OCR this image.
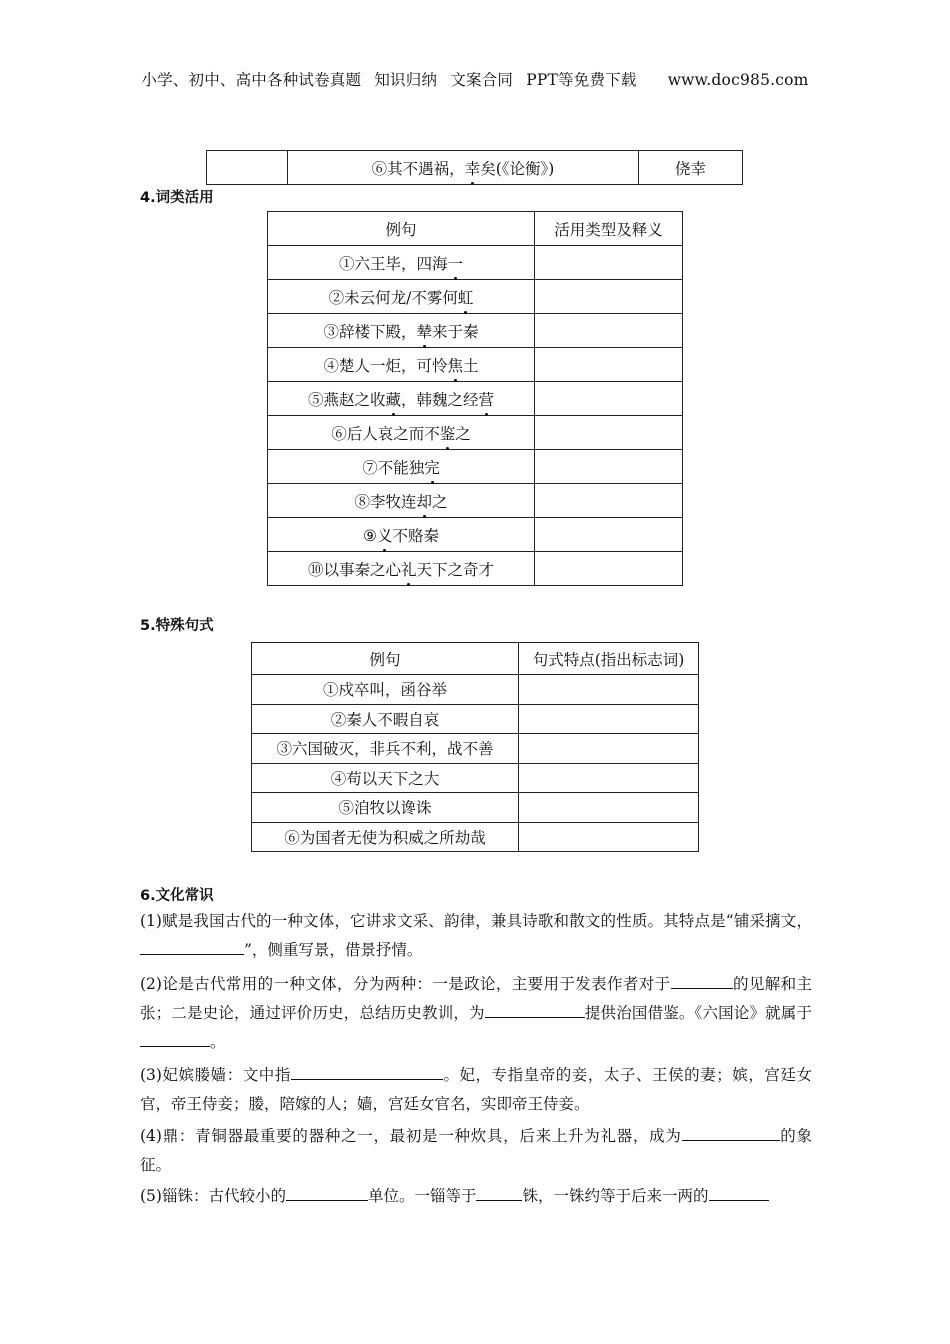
小学、初中、高中各种试卷真题 知识归纳 文案合同 PPT等免费下载 www.doc985.com
	⑥其不遇祸，幸矣(《论衡》)	侥幸
4.词类活用
例句	活用类型及释义
①六王毕，四海一	
②未云何龙/不雾何虹	
③辞楼下殿，辇来于秦	
④楚人一炬，可怜焦土	
⑤燕赵之收藏，韩魏之经营	
⑥后人哀之而不鉴之	
⑦不能独完	
⑧李牧连却之	
⑨义不赂秦	
⑩以事秦之心礼天下之奇才	
5.特殊句式
例句	句式特点(指出标志词)
①戍卒叫，函谷举	
②秦人不暇自哀	
③六国破灭，非兵不利，战不善	
④苟以天下之大	
⑤洎牧以谗诛	
⑥为国者无使为积威之所劫哉	
6.文化常识
(1)赋是我国古代的一种文体，它讲求文采、韵律，兼具诗歌和散文的性质。其特点是“铺采摛文，”，侧重写景，借景抒情。
(2)论是古代常用的一种文体，分为两种：一是政论，主要用于发表作者对于	的见解和主张；二是史论，通过评价历史，总结历史教训，为	提供治国借鉴。《六国论》就属于。
(3)妃嫔媵嫱：文中指	。妃，专指皇帝的妾，太子、王侯的妻；嫔，宫廷女官，帝王侍妾；媵，陪嫁的人；嫱，宫廷女官名，实即帝王侍妾。
(4)鼎：青铜器最重要的器种之一，最初是一种炊具，后来上升为礼器，成为	的象征。
(5)锱铢：古代较小的	单位。一锱等于	铢，一铢约等于后来一两的
